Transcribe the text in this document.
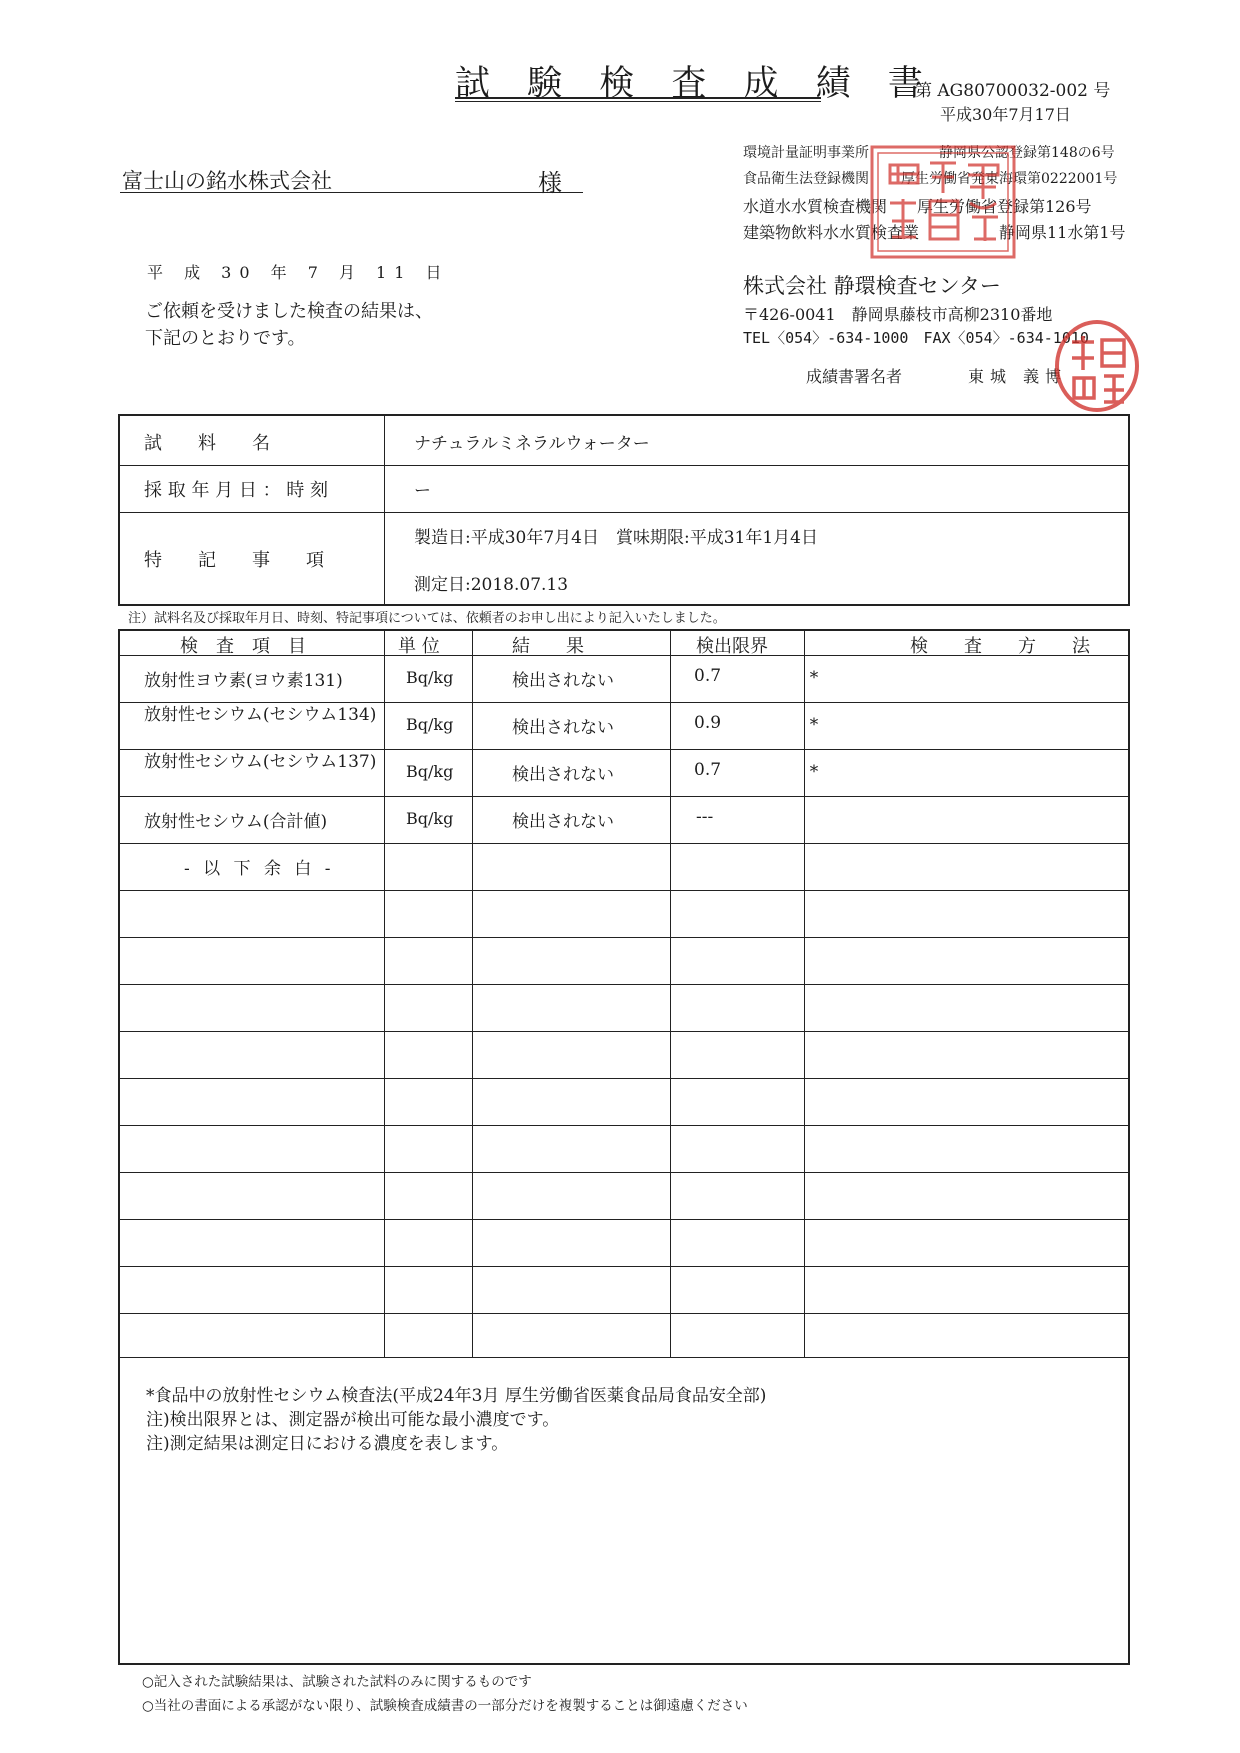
試 験 検 査 成 績 書
第 AG80700032-002 号
平成30年7月17日
富士山の銘水株式会社	様
平 成 30 年 7 月 11 日
ご依頼を受けました検査の結果は、
下記のとおりです。
環境計量証明事業所	静岡県公認登録第148の6号
食品衛生法登録機関 厚生労働省発東海環第0222001号
水道水水質検査機関 厚生労働省登録第126号
建築物飲料水水質検査業	静岡県11水第1号
株式会社 静環検査センター
〒426-0041　静岡県藤枝市高柳2310番地
TEL〈054〉-634-1000　FAX〈054〉-634-1010
成績書署名者	東城 義博
試　　料　　名	ナチュラルミネラルウォーター
採 取 年 月 日 ： 時 刻	ー
特　　記　　事　　項
製造日:平成30年7月4日　賞味期限:平成31年1月4日
測定日:2018.07.13
注）試料名及び採取年月日、時刻、特記事項については、依頼者のお申し出により記入いたしました。
検　査　項　目	単 位	結　　果	検出限界	検　　査　　方　　法
放射性ヨウ素(ヨウ素131)	Bq/kg	検出されない	0.7	*
放射性セシウム(セシウム134)	Bq/kg	検出されない	0.9	*
放射性セシウム(セシウム137)	Bq/kg	検出されない	0.7	*
放射性セシウム(合計値)	Bq/kg	検出されない	---
- 以 下 余 白 -
*食品中の放射性セシウム検査法(平成24年3月 厚生労働省医薬食品局食品安全部)
注)検出限界とは、測定器が検出可能な最小濃度です。
注)測定結果は測定日における濃度を表します。
○記入された試験結果は、試験された試料のみに関するものです
○当社の書面による承認がない限り、試験検査成績書の一部分だけを複製することは御遠慮ください
